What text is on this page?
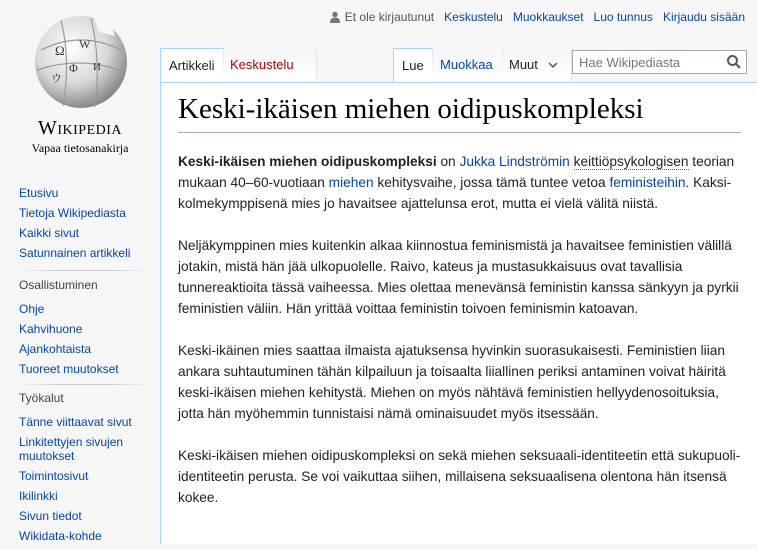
Ω W
Φ И
ウ
Wikipedia
Vapaa tietosanakirja
Etusivu
Tietoja Wikipediasta
Kaikki sivut
Satunnainen artikkeli
Osallistuminen
Ohje
Kahvihuone
Ajankohtaista
Tuoreet muutokset
Työkalut
Tänne viittaavat sivut
Linkitettyjen sivujen muutokset
Toimintosivut
Ikilinkki
Sivun tiedot
Wikidata-kohde
Et ole kirjautunut Keskustelu Muokkaukset Luo tunnus Kirjaudu sisään
Artikkeli	Keskustelu	Lue	Muokkaa	Muut
Hae Wikipediasta
Keski-ikäisen miehen oidipuskompleksi

Keski-ikäisen miehen oidipuskompleksi on Jukka Lindströmin keittiöpsykologisen teorian mukaan 40–60-vuotiaan miehen kehitysvaihe, jossa tämä tuntee vetoa feministeihin. Kaksi-kolmekymppisenä mies jo havaitsee ajattelunsa erot, mutta ei vielä välitä niistä.

Neljäkymppinen mies kuitenkin alkaa kiinnostua feminismistä ja havaitsee feministien välillä jotakin, mistä hän jää ulkopuolelle. Raivo, kateus ja mustasukkaisuus ovat tavallisia tunnereaktioita tässä vaiheessa. Mies olettaa menevänsä feministin kanssa sänkyyn ja pyrkii feministien väliin. Hän yrittää voittaa feministin toivoen feminismin katoavan.

Keski-ikäinen mies saattaa ilmaista ajatuksensa hyvinkin suorasukaisesti. Feministien liian ankara suhtautuminen tähän kilpailuun ja toisaalta liiallinen periksi antaminen voivat häiritä keski-ikäisen miehen kehitystä. Miehen on myös nähtävä feministien hellyydenosoituksia, jotta hän myöhemmin tunnistaisi nämä ominaisuudet myös itsessään.

Keski-ikäisen miehen oidipuskompleksi on sekä miehen seksuaali-identiteetin että sukupuoli-identiteetin perusta. Se voi vaikuttaa siihen, millaisena seksuaalisena olentona hän itsensä kokee.
